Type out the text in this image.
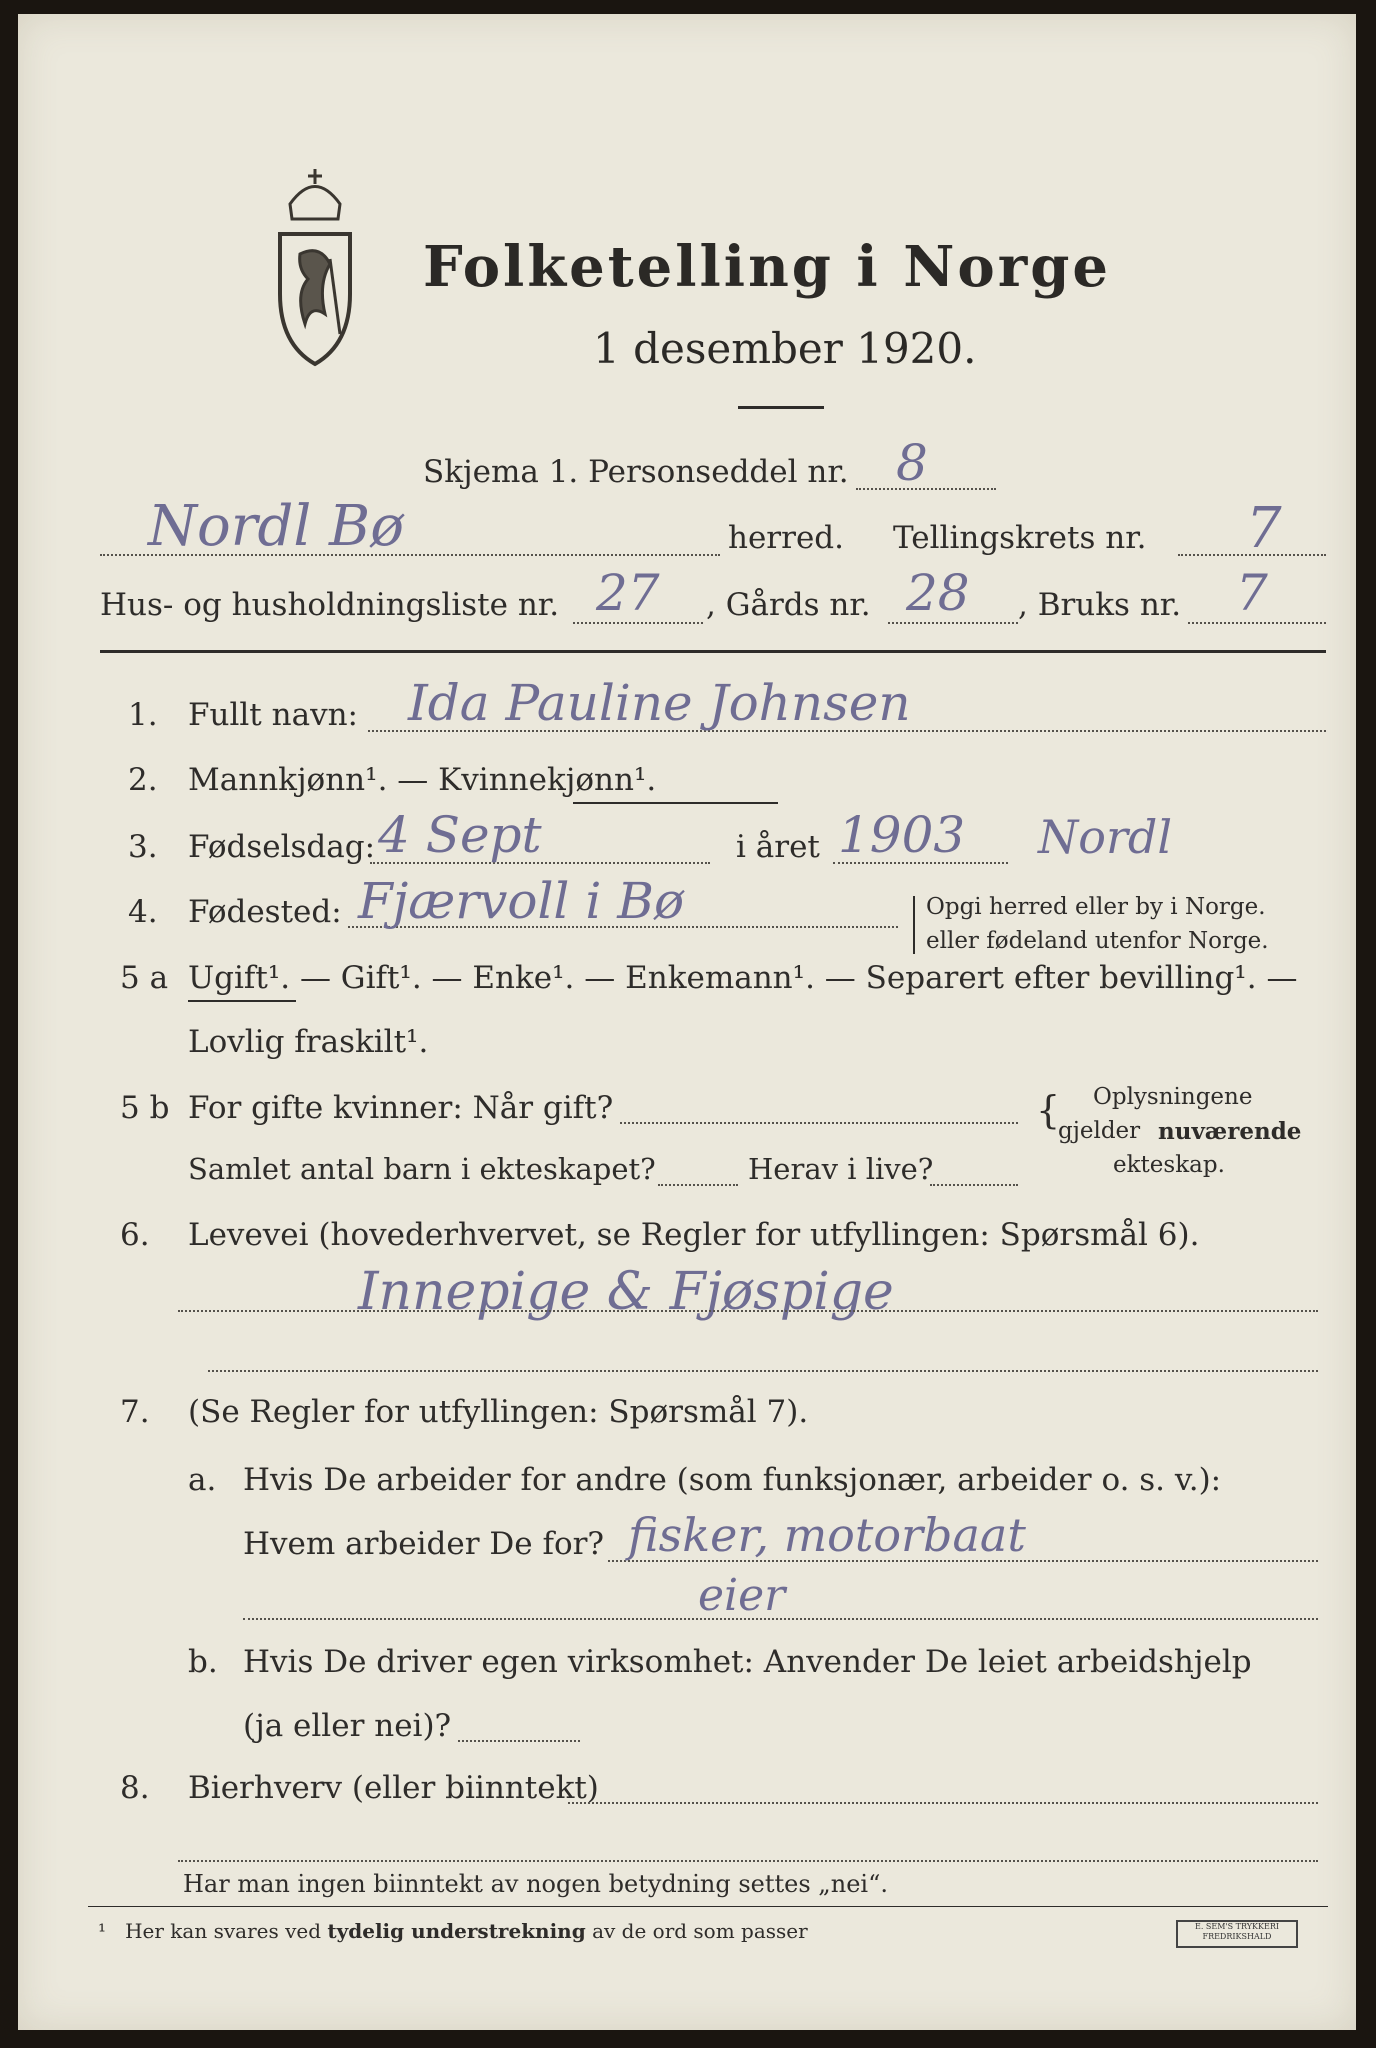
Folketelling i Norge
1 desember 1920.
Skjema 1. Personseddel nr. 8
Nordl Bø	herred. Tellingskrets nr. 7
Hus- og husholdningsliste nr. 27 , Gårds nr. 28 , Bruks nr. 7
1. Fullt navn: Ida Pauline Johnsen
2. Mannkjønn¹. — Kvinnekjønn¹.
3. Fødselsdag: 4 Sept	i året 1903 Nordl
4. Fødested: Fjærvoll i Bø	Opgi herred eller by i Norge.
eller fødeland utenfor Norge.
5 a Ugift¹. — Gift¹. — Enke¹. — Enkemann¹. — Separert efter bevilling¹. —
Lovlig fraskilt¹.
5 b For gifte kvinner: Når gift?
Samlet antal barn i ekteskapet?	Herav i live?
{ Oplysningene
gjelder nuværende
ekteskap.
6. Levevei (hovederhvervet, se Regler for utfyllingen: Spørsmål 6).
Innepige & Fjøspige
7. (Se Regler for utfyllingen: Spørsmål 7).
a. Hvis De arbeider for andre (som funksjonær, arbeider o. s. v.):
Hvem arbeider De for? fisker, motorbaat
eier
b. Hvis De driver egen virksomhet: Anvender De leiet arbeidshjelp
(ja eller nei)?
8. Bierhverv (eller biinntekt)
Har man ingen biinntekt av nogen betydning settes „nei“.
¹ Her kan svares ved tydelig understrekning av de ord som passer	E. SEM'S TRYKKERI FREDRIKSHALD
